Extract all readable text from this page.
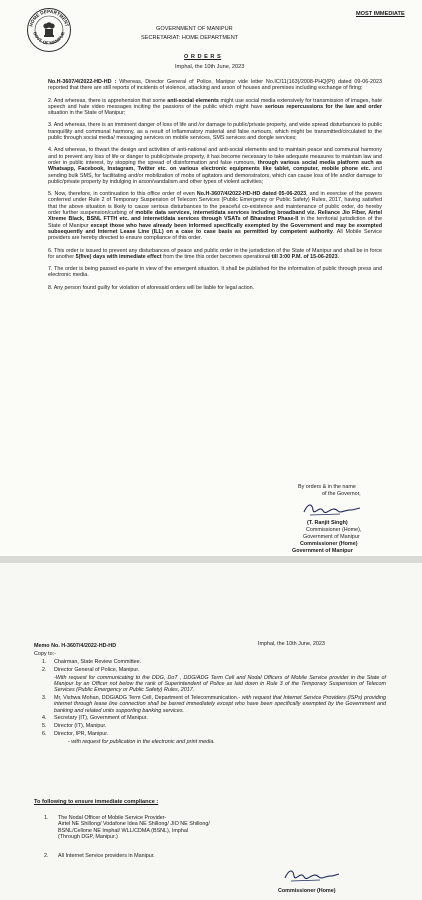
HOME DEPARTMENT
GOVT. OF MANIPUR
MOST IMMEDIATE
GOVERNMENT OF MANIPUR
SECRETARIAT: HOME DEPARTMENT
O R D E R S
Imphal, the 10th June, 2023

No.H-3607/4/2022-HD-HD : Whereas, Director General of Police, Manipur vide letter No.IC/11(163)/2008-PHQ(Pt) dated 09-06-2023 reported that there are still reports of incidents of violence, attacking and arson of houses and premises including exchange of firing;

2. And whereas, there is apprehension that some anti-social elements might use social media extensively for transmission of images, hate speech and hate video messages inciting the passions of the public which might have serious repercussions for the law and order situation in the State of Manipur;

3. And whereas, there is an imminent danger of loss of life and /or damage to public/private property, and wide spread disturbances to public tranquillity and communal harmony, as a result of inflammatory material and false rumours, which might be transmitted/circulated to the public through social media/ messaging services on mobile services, SMS services and dongle services;

4. And whereas, to thwart the design and activities of anti-national and anti-social elements and to maintain peace and communal harmony and to prevent any loss of life or danger to public/private property, it has become necessary to take adequate measures to maintain law and order in public interest, by stopping the spread of disinformation and false rumours, through various social media platform such as Whatsapp, Facebook, Instagram, Twitter etc. on various electronic equipments like tablet, computer, mobile phone etc. and sending bulk SMS, for facilitating and/or mobilization of mobs of agitators and demonstrators, which can cause loss of life and/or damage to public/private property by indulging in arson/vandalism and other types of violent activities;

5. Now, therefore, in continuation to this office order of even No.H-3607/4/2022-HD-HD dated 05-06-2023, and in exercise of the powers conferred under Rule 2 of Temporary Suspension of Telecom Services (Public Emergency or Public Safety) Rules, 2017, having satisfied that the above situation is likely to cause serious disturbances to the peaceful co-existence and maintenance of public order, do hereby order further suspension/curbing of mobile data services, internet/data services including broadband viz. Reliance Jio Fiber, Airtel Xtreme Black, BSNL FTTH etc. and internet/data services through VSATs of Bharatnet Phase-II in the territorial jurisdiction of the State of Manipur except those who have already been informed specifically exempted by the Government and may be exempted subsequently and Internet Lease Line (ILL) on a case to case basis as permitted by competent authority. All Mobile Service providers are hereby directed to ensure compliance of this order.

6. This order is issued to prevent any disturbances of peace and public order in the jurisdiction of the State of Manipur and shall be in force for another 5(five) days with immediate effect from the time this order becomes operational till 3:00 P.M. of 15-06-2023.

7. The order is being passed ex-parte in view of the emergent situation. It shall be published for the information of public through press and electronic media.

8. Any person found guilty for violation of aforesaid orders will be liable for legal action.

By orders & in the name
of the Governor,
(T. Ranjit Singh)
Commissioner (Home),
Government of Manipur
Commissioner (Home)
Government of Manipur
Memo No. H-3607/4/2022-HD-HD	Imphal, the 10th June, 2023
Copy to:-
1.	Chairman, State Review Committee.
2.	Director General of Police, Manipur.
-With request for communicating to the DDG, DoT , DDG/ADG Term Cell and Nodal Officers of Mobile Service provider in the State of Manipur by an Officer not below the rank of Superintendent of Police as laid down in Rule 3 of the Temporary Suspension of Telecom Services (Public Emergency or Public Safety) Rules, 2017.
3.	Mr, Vishwa Mohan, DDG/ADG Term Cell, Department of Telecommunication.- with request that Internet Service Providers (ISPs) providing internet through lease line connection shall be barred immediately except who have been specifically exempted by the Government and banking and related units supporting banking services.
4.	Secretary (IT), Government of Manipur.
5.	Director (IT), Manipur.
6.	Director, IPR, Manipur.
- with request for publication in the electronic and print media.
To following to ensure immediate compliance :
1.	The Nodal Officer of Mobile Service Provider-
Airtel NE Shillong/ Vodafone Idea NE Shillong/ JIO NE Shillong/
BSNL/Cellone NE Imphal/ WLL/CDMA (BSNL), Imphal
(Through DGP, Manipur.)
2.	All Internet Service providers in Manipur.
Commissioner (Home)
